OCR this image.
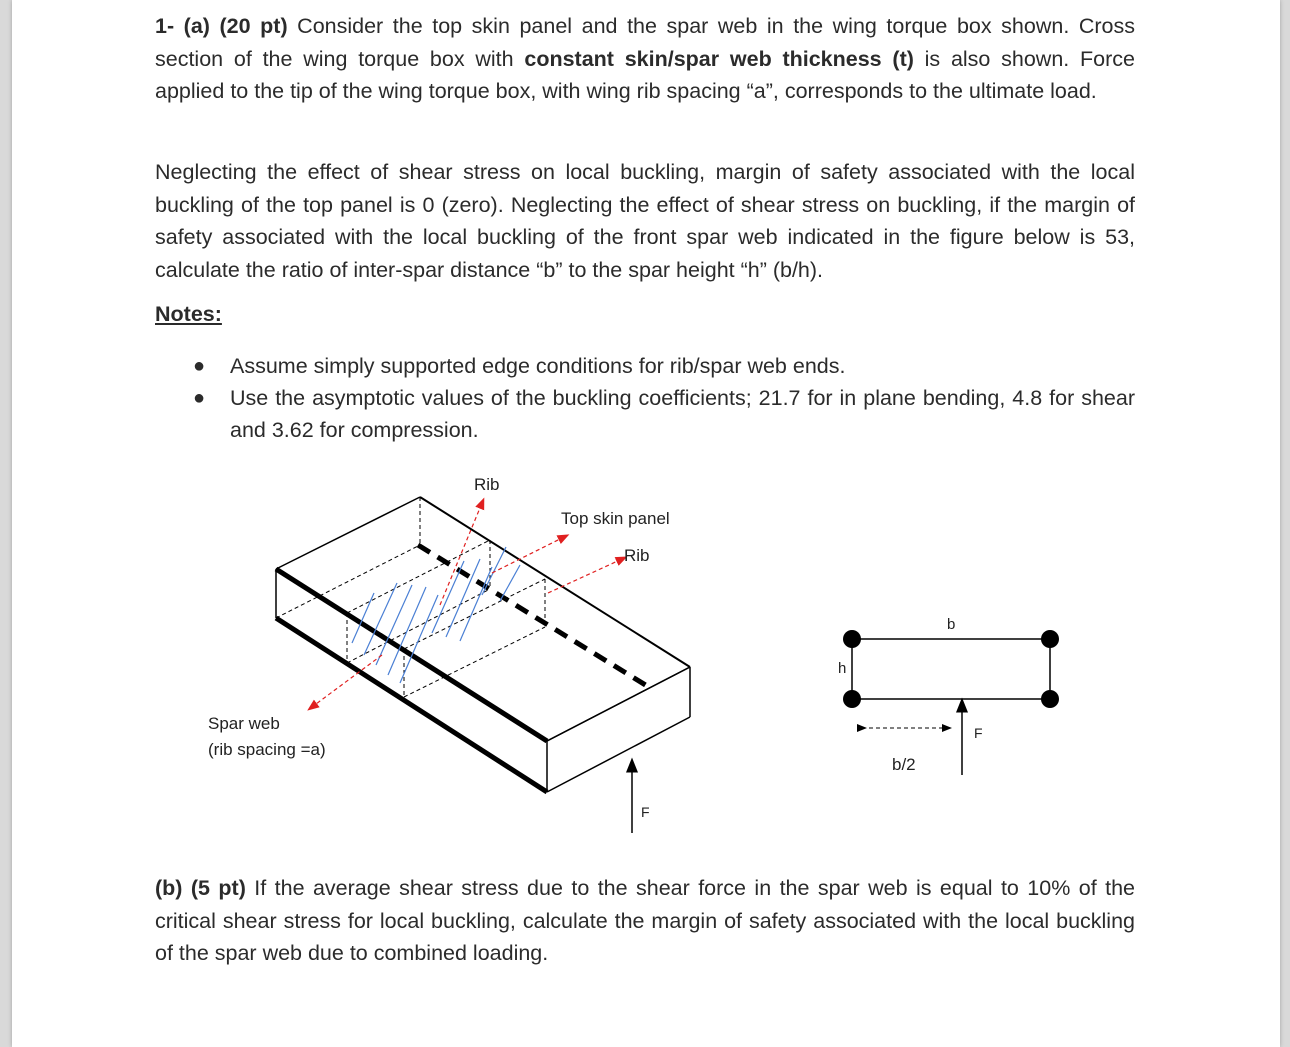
1- (a) (20 pt) Consider the top skin panel and the spar web in the wing torque box shown. Cross section of the wing torque box with constant skin/spar web thickness (t) is also shown. Force applied to the tip of the wing torque box, with wing rib spacing “a”, corresponds to the ultimate load.

Neglecting the effect of shear stress on local buckling, margin of safety associated with the local buckling of the top panel is 0 (zero). Neglecting the effect of shear stress on buckling, if the margin of safety associated with the local buckling of the front spar web indicated in the figure below is 53, calculate the ratio of inter-spar distance “b” to the spar height “h” (b/h).

Notes:

● Assume simply supported edge conditions for rib/spar web ends.
● Use the asymptotic values of the buckling coefficients; 21.7 for in plane bending, 4.8 for shear and 3.62 for compression.
Rib
Top skin panel
Rib
Spar web
(rib spacing =a)
F
b
h
b/2
F

(b) (5 pt) If the average shear stress due to the shear force in the spar web is equal to 10% of the critical shear stress for local buckling, calculate the margin of safety associated with the local buckling of the spar web due to combined loading.
